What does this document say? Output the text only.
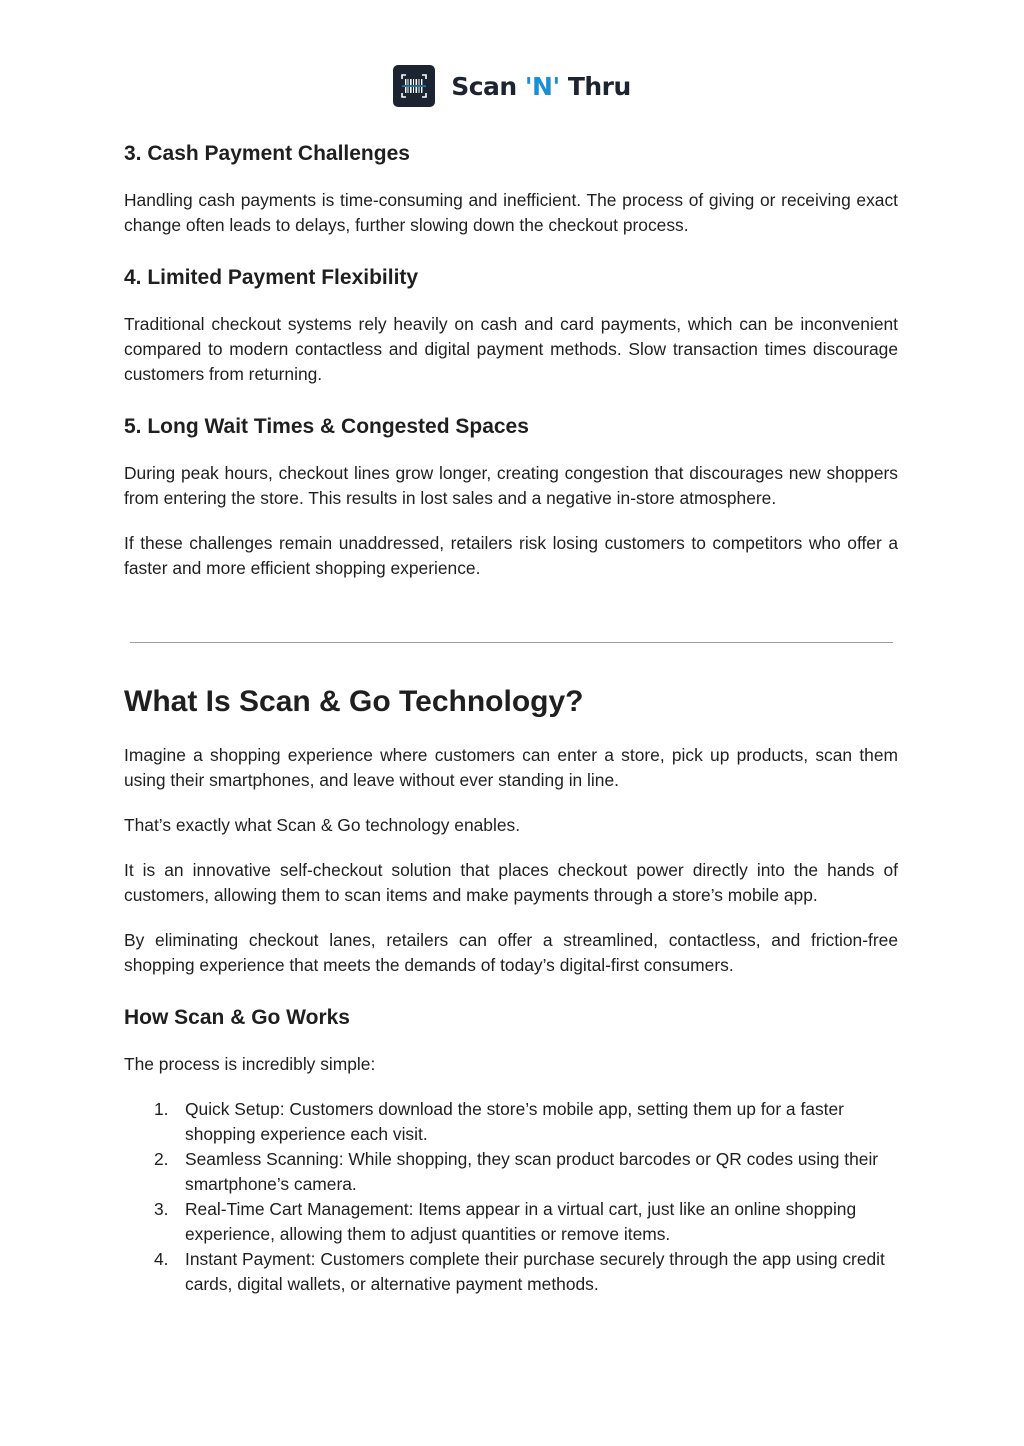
Scan 'N' Thru
3. Cash Payment Challenges

Handling cash payments is time-consuming and inefficient. The process of giving or receiving exact change often leads to delays, further slowing down the checkout process.

4. Limited Payment Flexibility

Traditional checkout systems rely heavily on cash and card payments, which can be inconvenient compared to modern contactless and digital payment methods. Slow transaction times discourage customers from returning.

5. Long Wait Times & Congested Spaces

During peak hours, checkout lines grow longer, creating congestion that discourages new shoppers from entering the store. This results in lost sales and a negative in-store atmosphere.

If these challenges remain unaddressed, retailers risk losing customers to competitors who offer a faster and more efficient shopping experience.

What Is Scan & Go Technology?

Imagine a shopping experience where customers can enter a store, pick up products, scan them using their smartphones, and leave without ever standing in line.

That’s exactly what Scan & Go technology enables.

It is an innovative self-checkout solution that places checkout power directly into the hands of customers, allowing them to scan items and make payments through a store’s mobile app.

By eliminating checkout lanes, retailers can offer a streamlined, contactless, and friction-free shopping experience that meets the demands of today’s digital-first consumers.

How Scan & Go Works

The process is incredibly simple:

1. Quick Setup: Customers download the store’s mobile app, setting them up for a faster shopping experience each visit.
2. Seamless Scanning: While shopping, they scan product barcodes or QR codes using their smartphone’s camera.
3. Real-Time Cart Management: Items appear in a virtual cart, just like an online shopping experience, allowing them to adjust quantities or remove items.
4. Instant Payment: Customers complete their purchase securely through the app using credit cards, digital wallets, or alternative payment methods.
